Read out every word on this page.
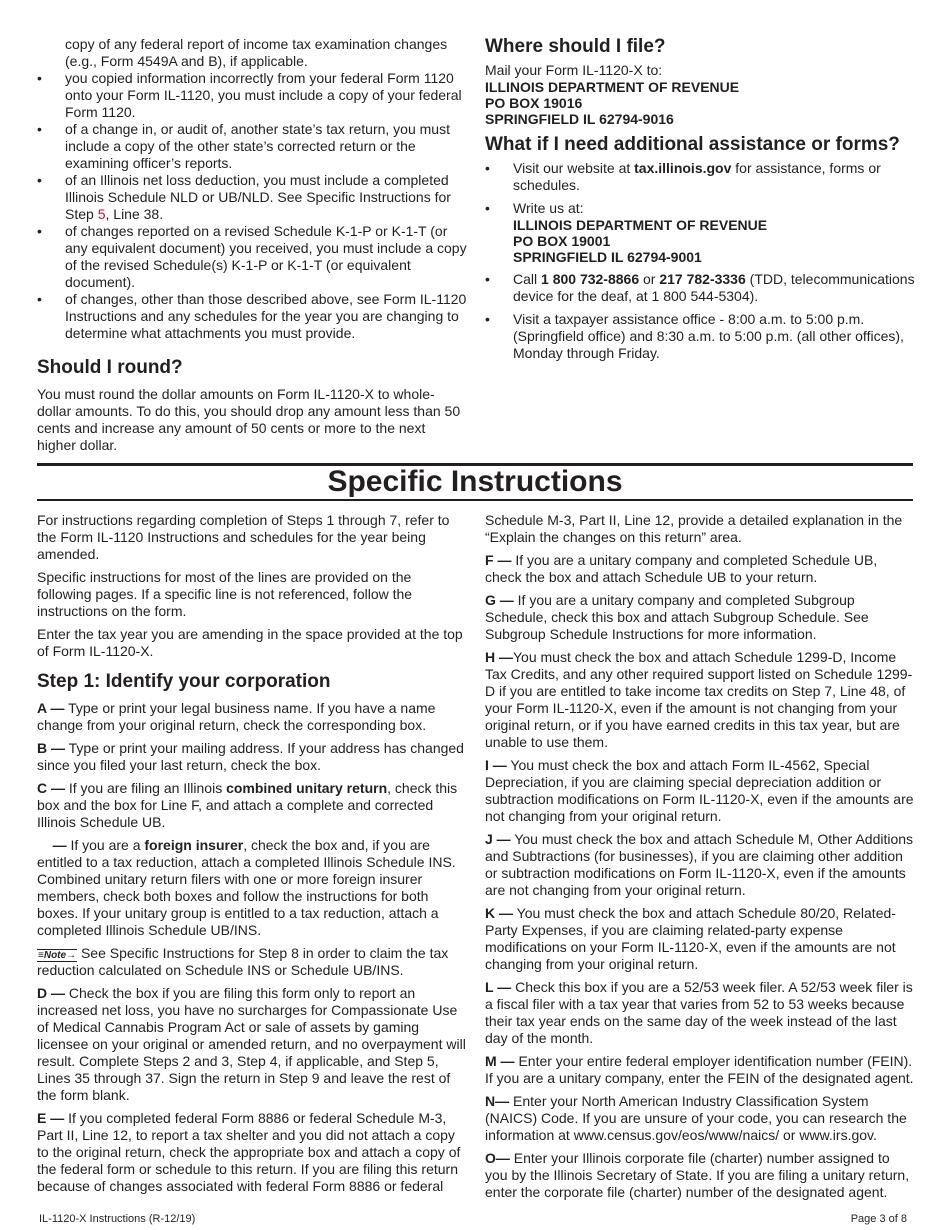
copy of any federal report of income tax examination changes (e.g., Form 4549A and B), if applicable.

• you copied information incorrectly from your federal Form 1120 onto your Form IL-1120, you must include a copy of your federal Form 1120.
• of a change in, or audit of, another state’s tax return, you must include a copy of the other state’s corrected return or the examining officer’s reports.
• of an Illinois net loss deduction, you must include a completed Illinois Schedule NLD or UB/NLD. See Specific Instructions for Step 5, Line 38.
• of changes reported on a revised Schedule K-1-P or K-1-T (or any equivalent document) you received, you must include a copy of the revised Schedule(s) K-1-P or K-1-T (or equivalent document).
• of changes, other than those described above, see Form IL-1120 Instructions and any schedules for the year you are changing to determine what attachments you must provide.
Should I round?

You must round the dollar amounts on Form IL-1120-X to whole-dollar amounts. To do this, you should drop any amount less than 50 cents and increase any amount of 50 cents or more to the next higher dollar.

Where should I file?
Mail your Form IL-1120-X to:
ILLINOIS DEPARTMENT OF REVENUE
PO BOX 19016
SPRINGFIELD IL 62794-9016
What if I need additional assistance or forms?
• Visit our website at tax.illinois.gov for assistance, forms or schedules.
• Write us at:
ILLINOIS DEPARTMENT OF REVENUE
PO BOX 19001
SPRINGFIELD IL 62794-9001
• Call 1 800 732-8866 or 217 782-3336 (TDD, telecommunications device for the deaf, at 1 800 544-5304).
• Visit a taxpayer assistance office - 8:00 a.m. to 5:00 p.m. (Springfield office) and 8:30 a.m. to 5:00 p.m. (all other offices), Monday through Friday.
Specific Instructions

For instructions regarding completion of Steps 1 through 7, refer to the Form IL-1120 Instructions and schedules for the year being amended.

Specific instructions for most of the lines are provided on the following pages. If a specific line is not referenced, follow the instructions on the form.

Enter the tax year you are amending in the space provided at the top of Form IL-1120-X.

Step 1: Identify your corporation

A — Type or print your legal business name. If you have a name change from your original return, check the corresponding box.

B — Type or print your mailing address. If your address has changed since you filed your last return, check the box.

C — If you are filing an Illinois combined unitary return, check this box and the box for Line F, and attach a complete and corrected Illinois Schedule UB.

— If you are a foreign insurer, check the box and, if you are entitled to a tax reduction, attach a completed Illinois Schedule INS. Combined unitary return filers with one or more foreign insurer members, check both boxes and follow the instructions for both boxes. If your unitary group is entitled to a tax reduction, attach a completed Illinois Schedule UB/INS.

≡Note→ See Specific Instructions for Step 8 in order to claim the tax reduction calculated on Schedule INS or Schedule UB/INS.

D — Check the box if you are filing this form only to report an increased net loss, you have no surcharges for Compassionate Use of Medical Cannabis Program Act or sale of assets by gaming licensee on your original or amended return, and no overpayment will result. Complete Steps 2 and 3, Step 4, if applicable, and Step 5, Lines 35 through 37. Sign the return in Step 9 and leave the rest of the form blank.

E — If you completed federal Form 8886 or federal Schedule M-3, Part II, Line 12, to report a tax shelter and you did not attach a copy to the original return, check the appropriate box and attach a copy of the federal form or schedule to this return. If you are filing this return because of changes associated with federal Form 8886 or federal

Schedule M-3, Part II, Line 12, provide a detailed explanation in the “Explain the changes on this return” area.

F — If you are a unitary company and completed Schedule UB, check the box and attach Schedule UB to your return.

G — If you are a unitary company and completed Subgroup Schedule, check this box and attach Subgroup Schedule. See Subgroup Schedule Instructions for more information.

H —You must check the box and attach Schedule 1299-D, Income Tax Credits, and any other required support listed on Schedule 1299-D if you are entitled to take income tax credits on Step 7, Line 48, of your Form IL-1120-X, even if the amount is not changing from your original return, or if you have earned credits in this tax year, but are unable to use them.

I — You must check the box and attach Form IL-4562, Special Depreciation, if you are claiming special depreciation addition or subtraction modifications on Form IL-1120-X, even if the amounts are not changing from your original return.

J — You must check the box and attach Schedule M, Other Additions and Subtractions (for businesses), if you are claiming other addition or subtraction modifications on Form IL-1120-X, even if the amounts are not changing from your original return.

K — You must check the box and attach Schedule 80/20, Related-Party Expenses, if you are claiming related-party expense modifications on your Form IL-1120-X, even if the amounts are not changing from your original return.

L — Check this box if you are a 52/53 week filer. A 52/53 week filer is a fiscal filer with a tax year that varies from 52 to 53 weeks because their tax year ends on the same day of the week instead of the last day of the month.

M — Enter your entire federal employer identification number (FEIN). If you are a unitary company, enter the FEIN of the designated agent.

N— Enter your North American Industry Classification System (NAICS) Code. If you are unsure of your code, you can research the information at www.census.gov/eos/www/naics/ or www.irs.gov.

O— Enter your Illinois corporate file (charter) number assigned to you by the Illinois Secretary of State. If you are filing a unitary return, enter the corporate file (charter) number of the designated agent.

IL-1120-X Instructions (R-12/19)	Page 3 of 8
